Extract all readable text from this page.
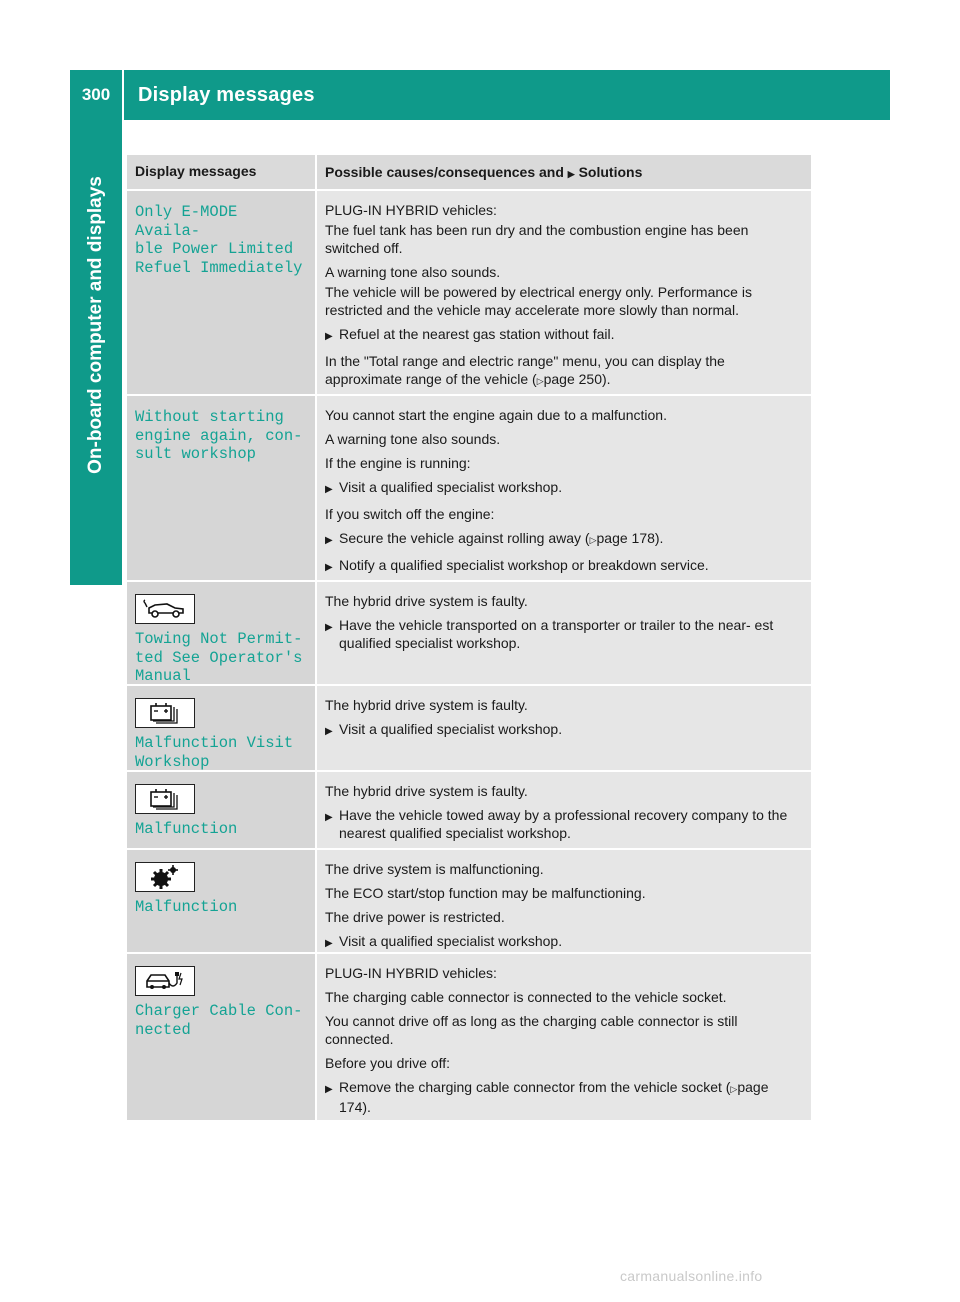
300	Display messages
On-board computer and displays
Display messages	Possible causes/consequences and ▶ Solutions
Only E-MODE Availa‐
ble Power Limited
Refuel Immediately
PLUG-IN HYBRID vehicles:
The fuel tank has been run dry and the combustion engine has been switched off.
A warning tone also sounds.
The vehicle will be powered by electrical energy only. Performance is restricted and the vehicle may accelerate more slowly than normal.
▶ Refuel at the nearest gas station without fail.
In the "Total range and electric range" menu, you can display the approximate range of the vehicle (▷page 250).
Without starting
engine again, con‐
sult workshop
You cannot start the engine again due to a malfunction.
A warning tone also sounds.
If the engine is running:
▶ Visit a qualified specialist workshop.
If you switch off the engine:
▶ Secure the vehicle against rolling away (▷page 178).
▶ Notify a qualified specialist workshop or breakdown service.
Towing Not Permit‐
ted See Operator's
Manual
The hybrid drive system is faulty.
▶ Have the vehicle transported on a transporter or trailer to the near- est qualified specialist workshop.
Malfunction Visit
Workshop
The hybrid drive system is faulty.
▶ Visit a qualified specialist workshop.
Malfunction
The hybrid drive system is faulty.
▶ Have the vehicle towed away by a professional recovery company to the nearest qualified specialist workshop.
Malfunction
The drive system is malfunctioning.
The ECO start/stop function may be malfunctioning.
The drive power is restricted.
▶ Visit a qualified specialist workshop.
Charger Cable Con‐
nected
PLUG-IN HYBRID vehicles:
The charging cable connector is connected to the vehicle socket.
You cannot drive off as long as the charging cable connector is still connected.
Before you drive off:
▶ Remove the charging cable connector from the vehicle socket (▷page 174).
carmanualsonline.info
